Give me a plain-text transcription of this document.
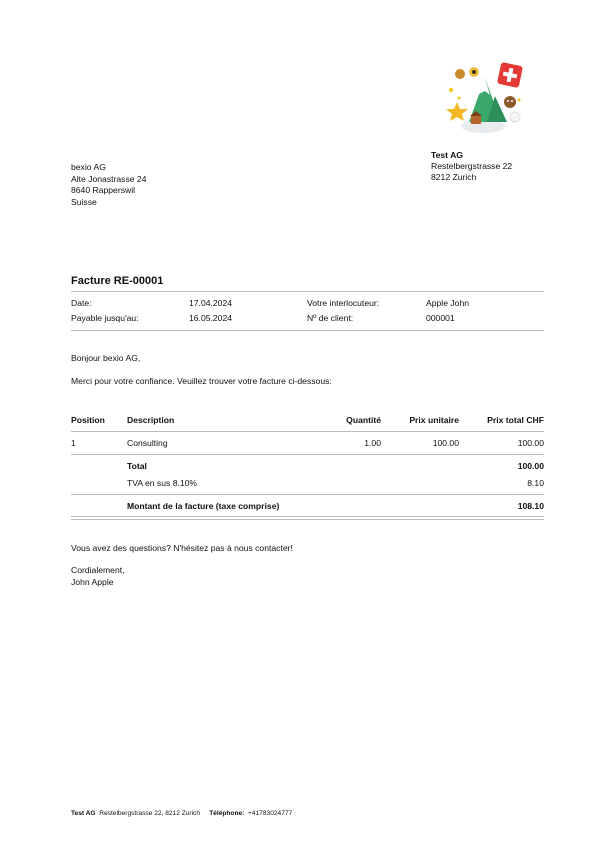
Test AG
Restelbergstrasse 22
8212 Zurich
bexio AG
Alte Jonastrasse 24
8640 Rapperswil
Suisse
Facture RE-00001
Date:	17.04.2024	Votre interlocuteur:	Apple John
Payable jusqu'au:	16.05.2024	Nº de client:	000001
Bonjour bexio AG,
Merci pour votre confiance. Veuillez trouver votre facture ci-dessous:
Position	Description	Quantité	Prix unitaire	Prix total CHF
1	Consulting	1.00	100.00	100.00
Total	100.00
TVA en sus 8.10%	8.10
Montant de la facture (taxe comprise)	108.10
Vous avez des questions? N'hésitez pas à nous contacter!
Cordialement,
John Apple
Test AG Restelbergstrasse 22, 8212 Zurich Téléphone: +41783024777
